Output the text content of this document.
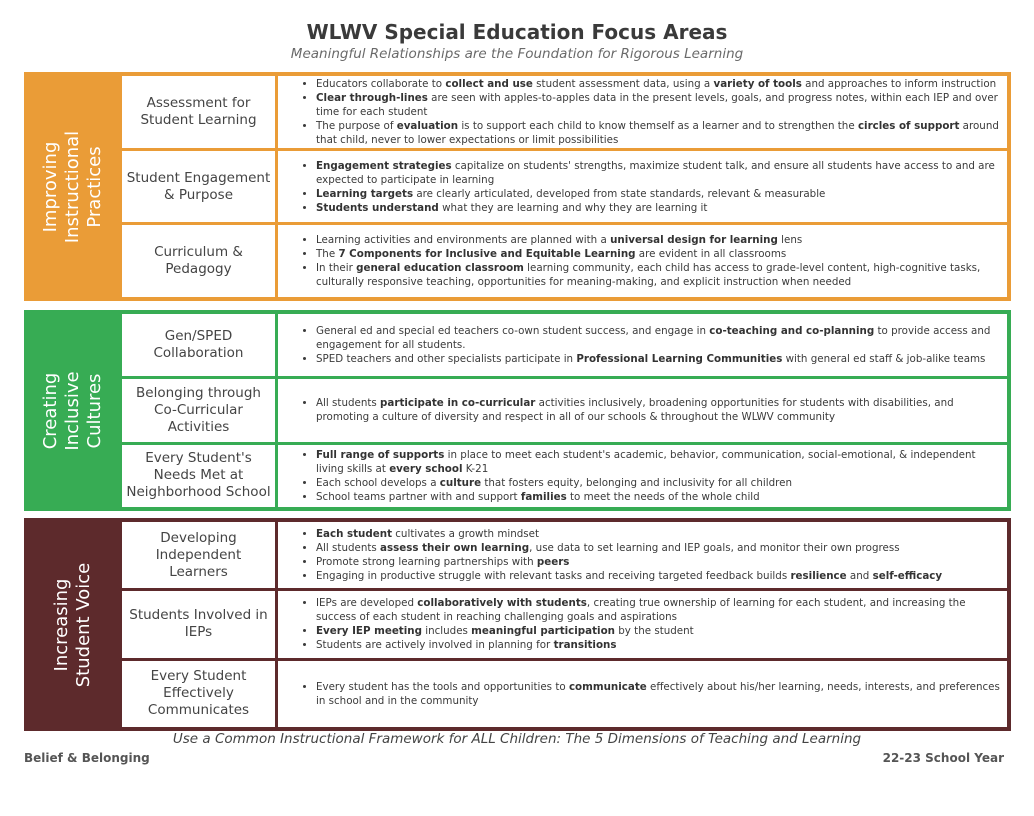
WLWV Special Education Focus Areas
Meaningful Relationships are the Foundation for Rigorous Learning
Improving
Instructional
Practices
Assessment for Student Learning
• Educators collaborate to collect and use student assessment data, using a variety of tools and approaches to inform instruction
• Clear through-lines are seen with apples-to-apples data in the present levels, goals, and progress notes, within each IEP and over time for each student
• The purpose of evaluation is to support each child to know themself as a learner and to strengthen the circles of support around that child, never to lower expectations or limit possibilities
Student Engagement & Purpose
• Engagement strategies capitalize on students' strengths, maximize student talk, and ensure all students have access to and are expected to participate in learning
• Learning targets are clearly articulated, developed from state standards, relevant & measurable
• Students understand what they are learning and why they are learning it
Curriculum & Pedagogy
• Learning activities and environments are planned with a universal design for learning lens
• The 7 Components for Inclusive and Equitable Learning are evident in all classrooms
• In their general education classroom learning community, each child has access to grade-level content, high-cognitive tasks, culturally responsive teaching, opportunities for meaning-making, and explicit instruction when needed
Creating
Inclusive
Cultures
Gen/SPED Collaboration
• General ed and special ed teachers co-own student success, and engage in co-teaching and co-planning to provide access and engagement for all students.
• SPED teachers and other specialists participate in Professional Learning Communities with general ed staff & job-alike teams
Belonging through Co-Curricular Activities
• All students participate in co-curricular activities inclusively, broadening opportunities for students with disabilities, and promoting a culture of diversity and respect in all of our schools & throughout the WLWV community
Every Student's Needs Met at Neighborhood School
• Full range of supports in place to meet each student's academic, behavior, communication, social-emotional, & independent living skills at every school K-21
• Each school develops a culture that fosters equity, belonging and inclusivity for all children
• School teams partner with and support families to meet the needs of the whole child
Increasing
Student Voice
Developing Independent Learners
• Each student cultivates a growth mindset
• All students assess their own learning, use data to set learning and IEP goals, and monitor their own progress
• Promote strong learning partnerships with peers
• Engaging in productive struggle with relevant tasks and receiving targeted feedback builds resilience and self-efficacy
Students Involved in IEPs
• IEPs are developed collaboratively with students, creating true ownership of learning for each student, and increasing the success of each student in reaching challenging goals and aspirations
• Every IEP meeting includes meaningful participation by the student
• Students are actively involved in planning for transitions
Every Student Effectively Communicates
• Every student has the tools and opportunities to communicate effectively about his/her learning, needs, interests, and preferences in school and in the community
Use a Common Instructional Framework for ALL Children: The 5 Dimensions of Teaching and Learning
Belief & Belonging	22-23 School Year
